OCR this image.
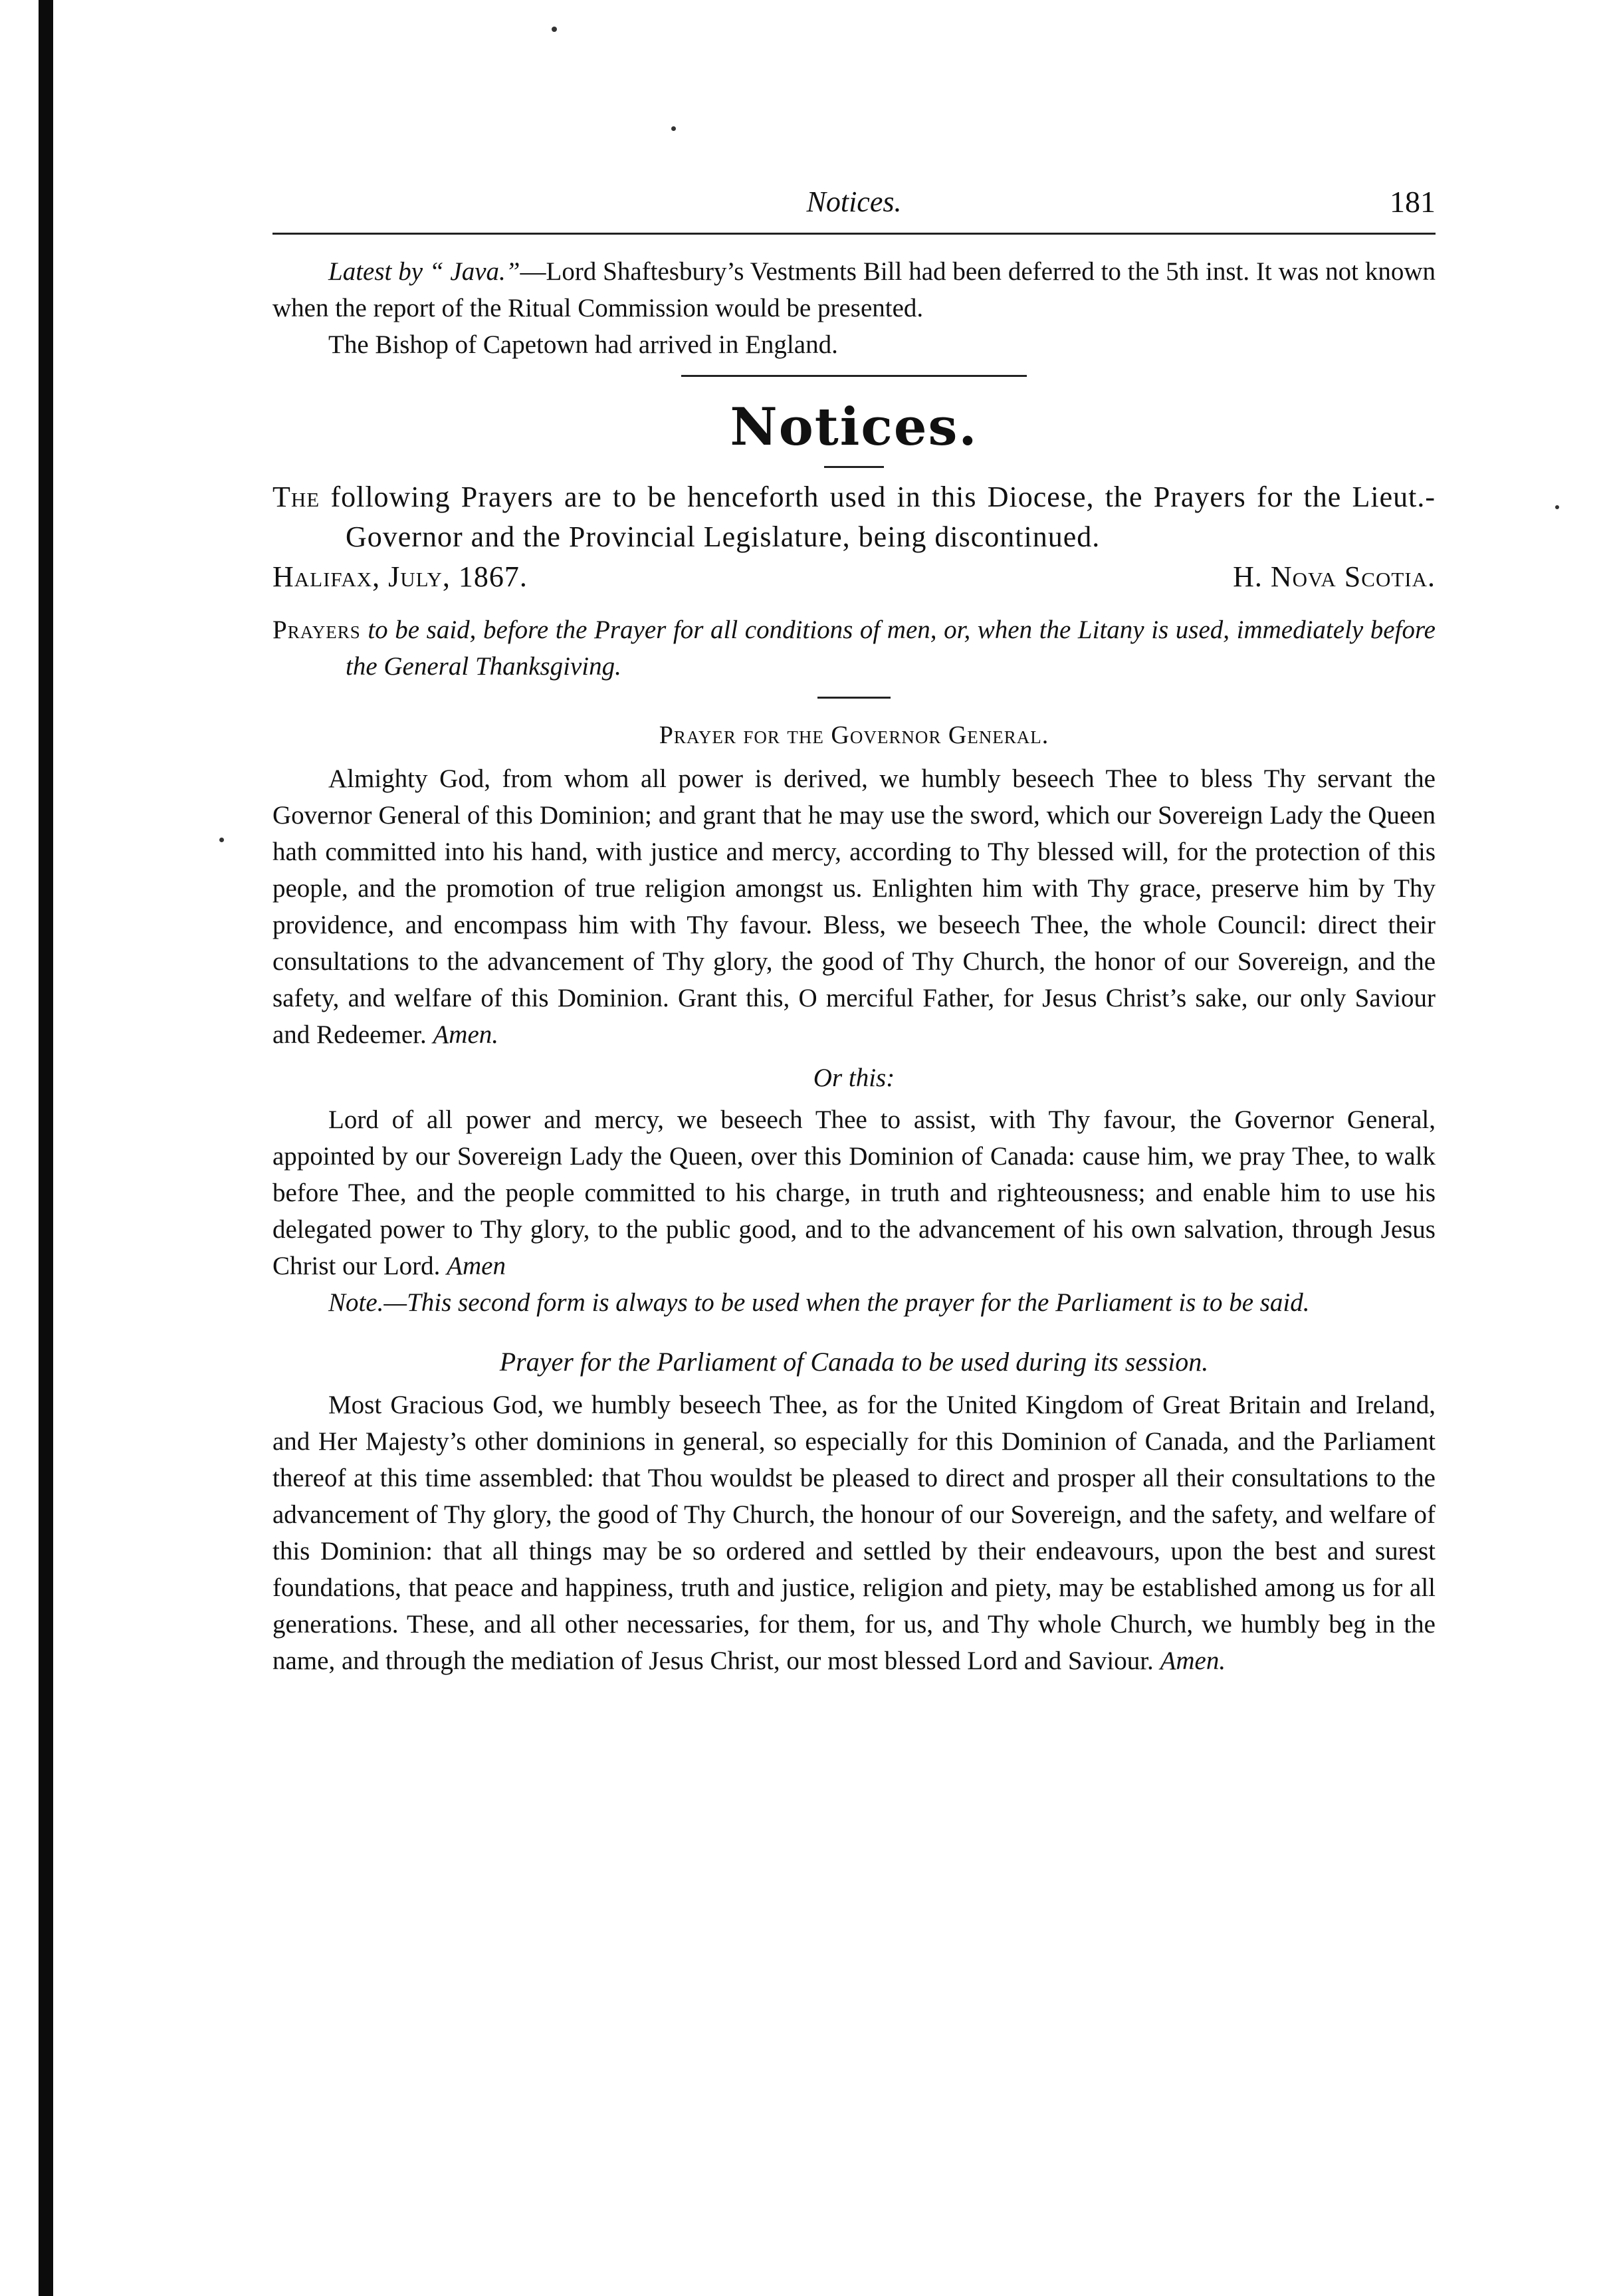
Notices.	181

Latest by “ Java.”—Lord Shaftesbury’s Vestments Bill had been deferred to the 5th inst. It was not known when the report of the Ritual Commission would be presented.

The Bishop of Capetown had arrived in England.

Notices.

The following Prayers are to be henceforth used in this Diocese, the Prayers for the Lieut.-Governor and the Provincial Legislature, being discontinued.

Halifax, July, 1867.	H. Nova Scotia.

Prayers to be said, before the Prayer for all conditions of men, or, when the Litany is used, immediately before the General Thanksgiving.

Prayer for the Governor General.

Almighty God, from whom all power is derived, we humbly beseech Thee to bless Thy servant the Governor General of this Dominion; and grant that he may use the sword, which our Sovereign Lady the Queen hath committed into his hand, with justice and mercy, according to Thy blessed will, for the protection of this people, and the promotion of true religion amongst us. Enlighten him with Thy grace, preserve him by Thy providence, and encompass him with Thy favour. Bless, we beseech Thee, the whole Council: direct their consultations to the advancement of Thy glory, the good of Thy Church, the honor of our Sovereign, and the safety, and welfare of this Dominion. Grant this, O merciful Father, for Jesus Christ’s sake, our only Saviour and Redeemer. Amen.

Or this:

Lord of all power and mercy, we beseech Thee to assist, with Thy favour, the Governor General, appointed by our Sovereign Lady the Queen, over this Dominion of Canada: cause him, we pray Thee, to walk before Thee, and the people committed to his charge, in truth and righteousness; and enable him to use his delegated power to Thy glory, to the public good, and to the advancement of his own salvation, through Jesus Christ our Lord. Amen

Note.—This second form is always to be used when the prayer for the Parliament is to be said.

Prayer for the Parliament of Canada to be used during its session.

Most Gracious God, we humbly beseech Thee, as for the United Kingdom of Great Britain and Ireland, and Her Majesty’s other dominions in general, so especially for this Dominion of Canada, and the Parliament thereof at this time assembled: that Thou wouldst be pleased to direct and prosper all their consultations to the advancement of Thy glory, the good of Thy Church, the honour of our Sovereign, and the safety, and welfare of this Dominion: that all things may be so ordered and settled by their endeavours, upon the best and surest foundations, that peace and happiness, truth and justice, religion and piety, may be established among us for all generations. These, and all other necessaries, for them, for us, and Thy whole Church, we humbly beg in the name, and through the mediation of Jesus Christ, our most blessed Lord and Saviour. Amen.
